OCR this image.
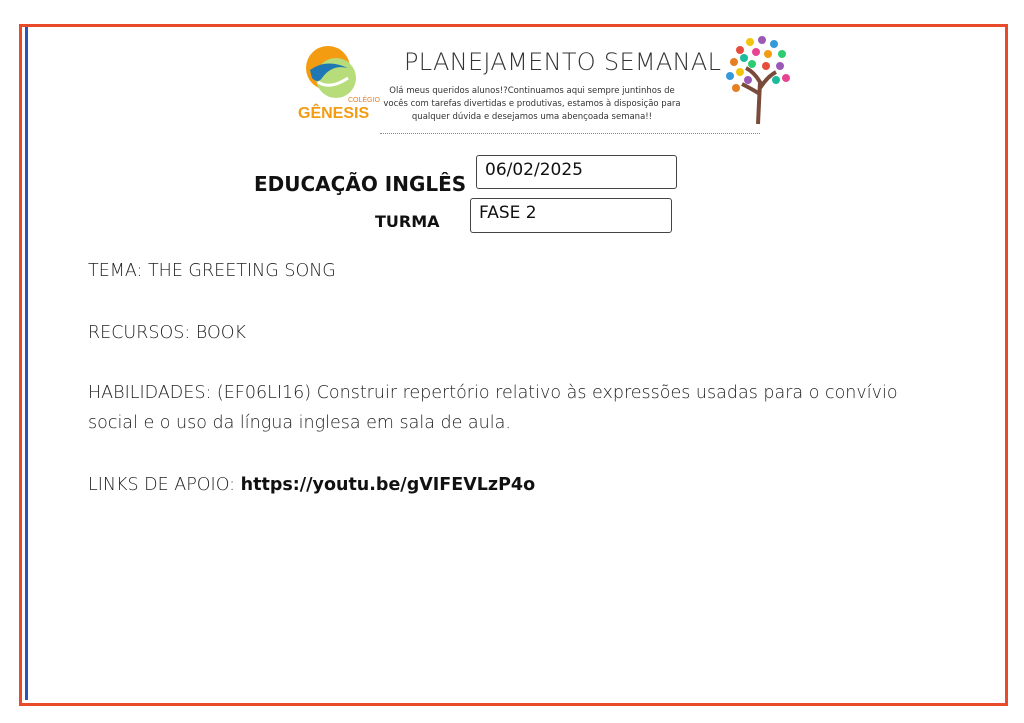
COLÉGIO
GÊNESIS
PLANEJAMENTO SEMANAL
Olá meus queridos alunos!?Continuamos aqui sempre juntinhos de vocês com tarefas divertidas e produtivas, estamos à disposição para qualquer dúvida e desejamos uma abençoada semana!!
EDUCAÇÃO INGLÊS
06/02/2025
TURMA	FASE 2
TEMA: THE GREETING SONG
RECURSOS: BOOK
HABILIDADES: (EF06LI16) Construir repertório relativo às expressões usadas para o convívio social e o uso da língua inglesa em sala de aula.
LINKS DE APOIO: https://youtu.be/gVIFEVLzP4o
